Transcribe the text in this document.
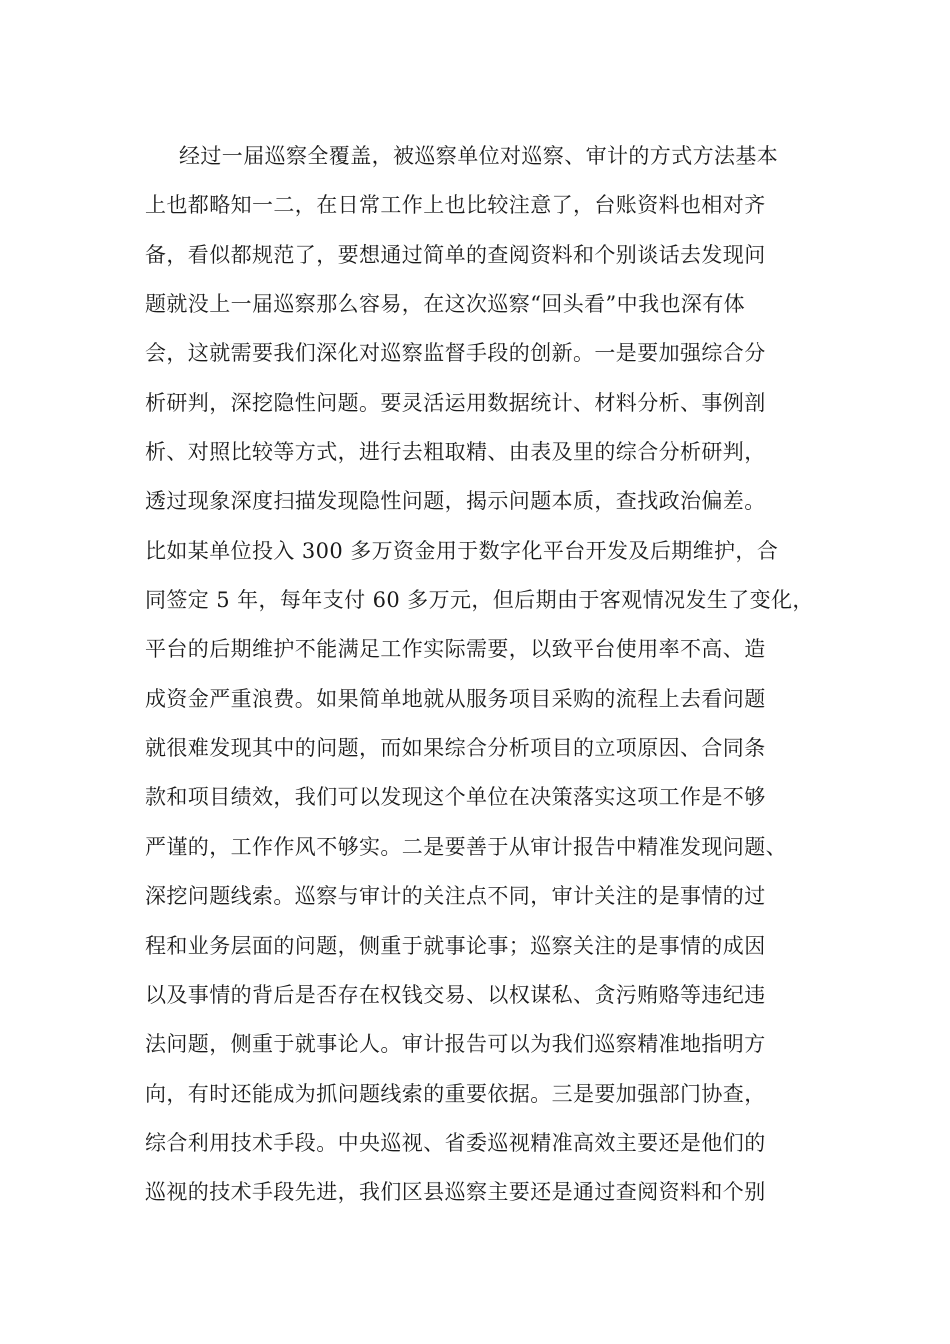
经过一届巡察全覆盖，被巡察单位对巡察、审计的方式方法基本
上也都略知一二，在日常工作上也比较注意了，台账资料也相对齐
备，看似都规范了，要想通过简单的查阅资料和个别谈话去发现问
题就没上一届巡察那么容易，在这次巡察“回头看”中我也深有体
会，这就需要我们深化对巡察监督手段的创新。一是要加强综合分
析研判，深挖隐性问题。要灵活运用数据统计、材料分析、事例剖
析、对照比较等方式，进行去粗取精、由表及里的综合分析研判，
透过现象深度扫描发现隐性问题，揭示问题本质，查找政治偏差。
比如某单位投入 300 多万资金用于数字化平台开发及后期维护，合
同签定 5 年，每年支付 60 多万元，但后期由于客观情况发生了变化，
平台的后期维护不能满足工作实际需要，以致平台使用率不高、造
成资金严重浪费。如果简单地就从服务项目采购的流程上去看问题
就很难发现其中的问题，而如果综合分析项目的立项原因、合同条
款和项目绩效，我们可以发现这个单位在决策落实这项工作是不够
严谨的，工作作风不够实。二是要善于从审计报告中精准发现问题、
深挖问题线索。巡察与审计的关注点不同，审计关注的是事情的过
程和业务层面的问题，侧重于就事论事；巡察关注的是事情的成因
以及事情的背后是否存在权钱交易、以权谋私、贪污贿赂等违纪违
法问题，侧重于就事论人。审计报告可以为我们巡察精准地指明方
向，有时还能成为抓问题线索的重要依据。三是要加强部门协查，
综合利用技术手段。中央巡视、省委巡视精准高效主要还是他们的
巡视的技术手段先进，我们区县巡察主要还是通过查阅资料和个别
